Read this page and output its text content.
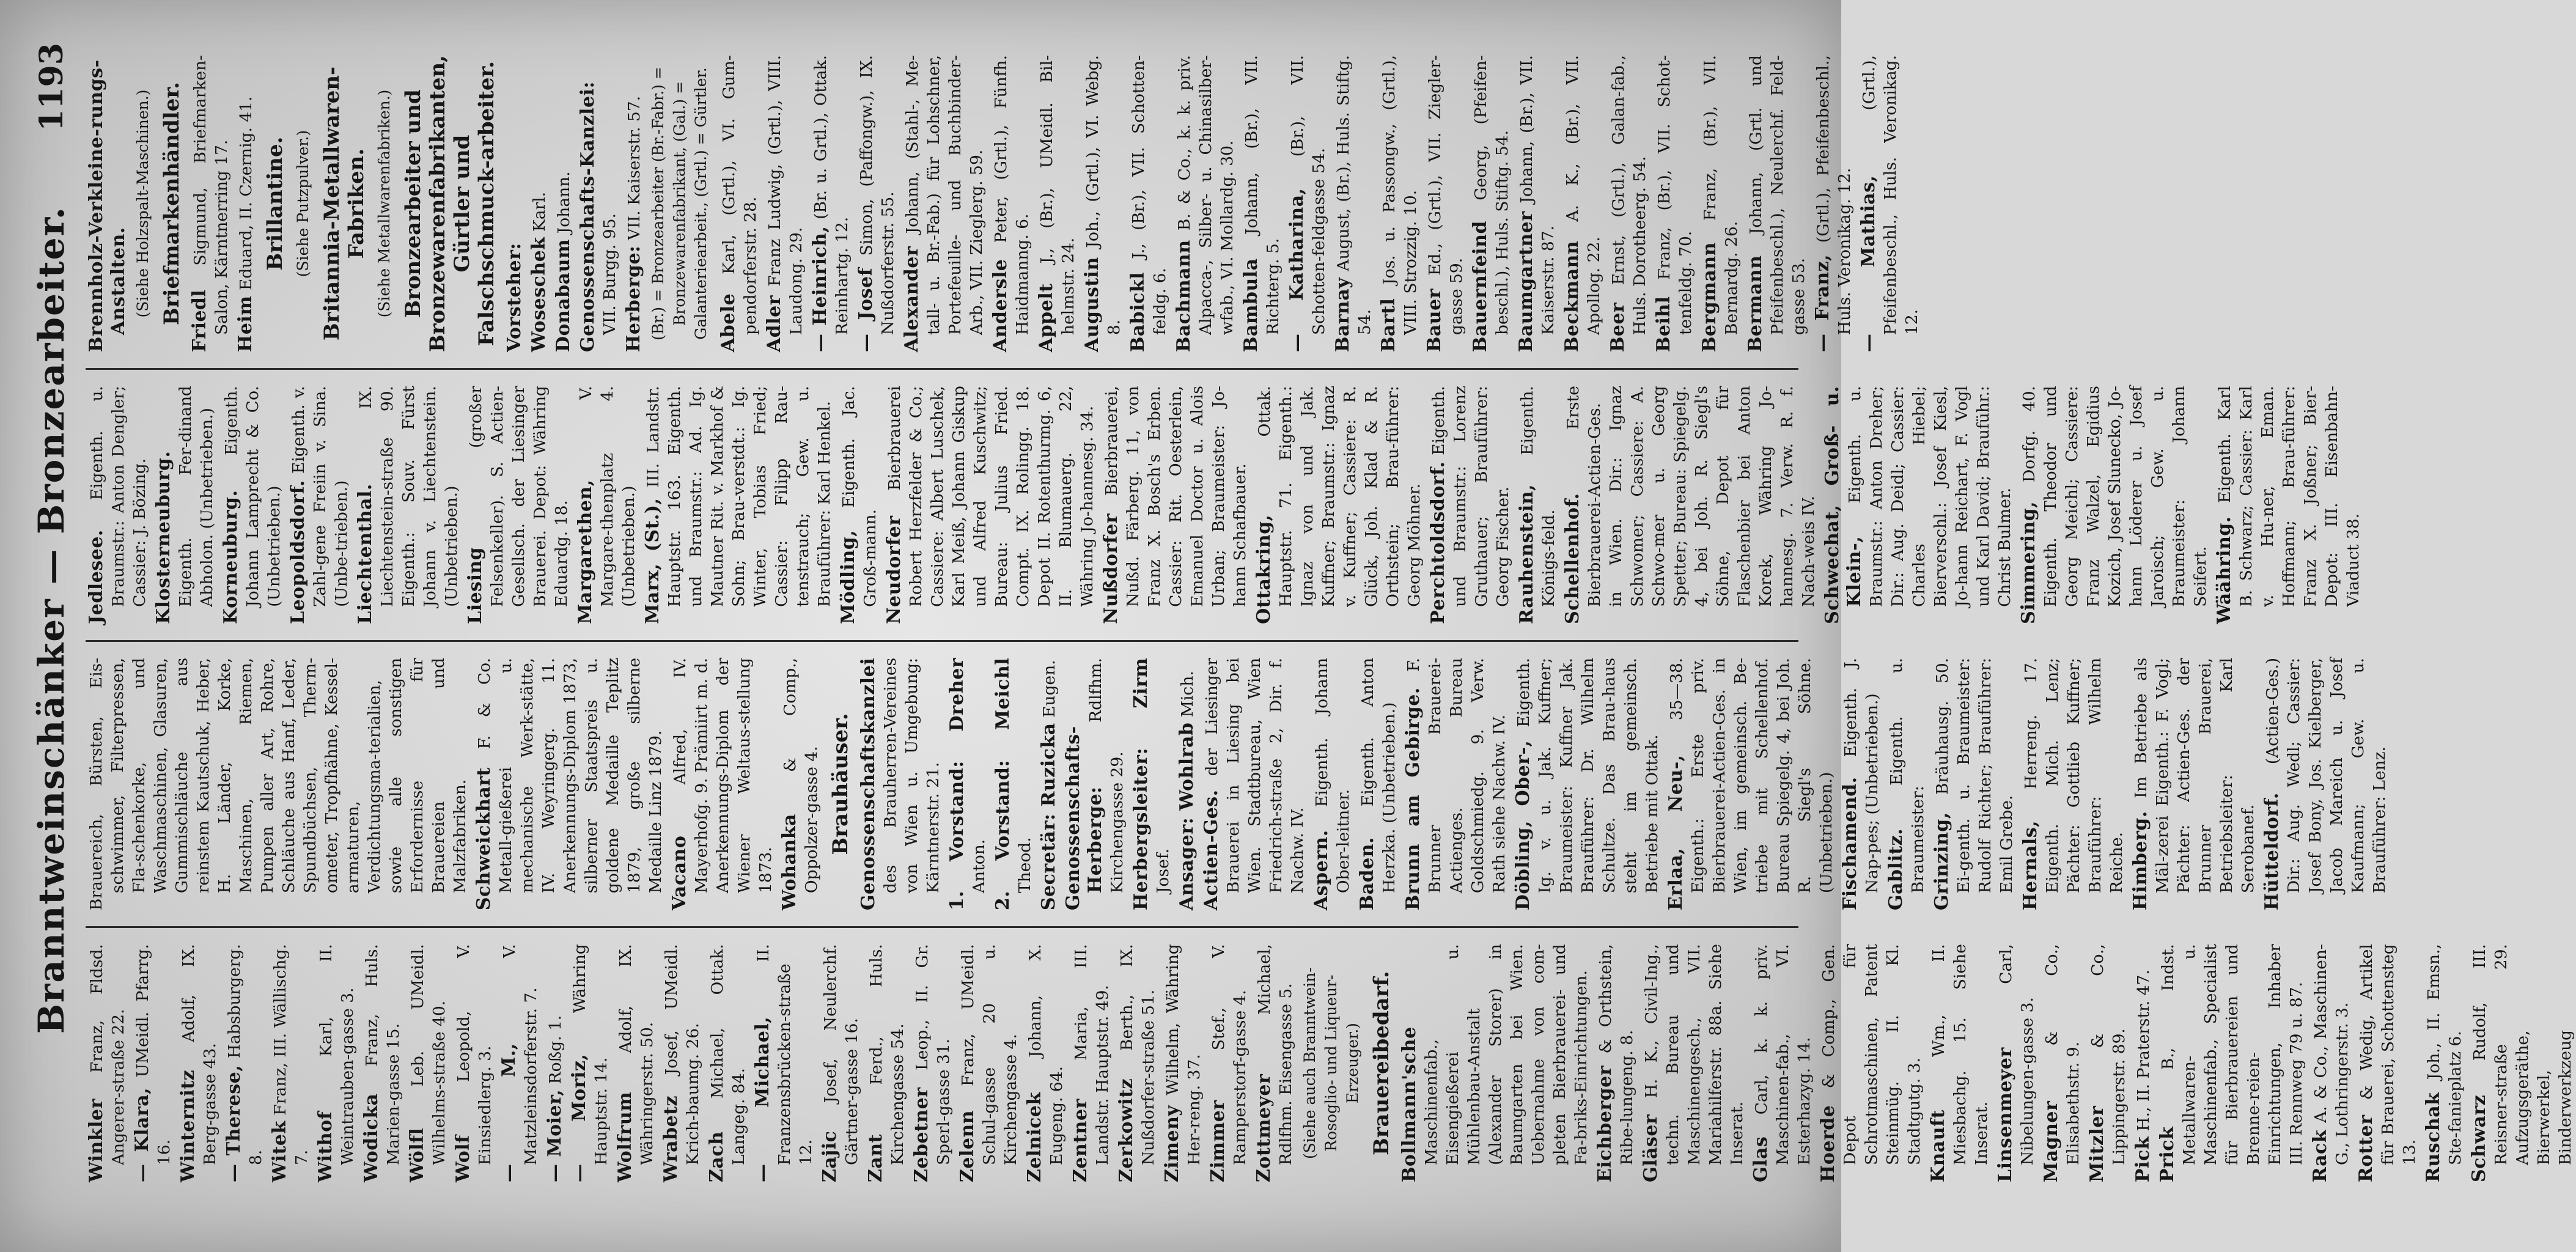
Branntweinschänker — Bronzearbeiter.
1193
Winkler Franz, Fldsd. Angerer-straße 22. — Klara, UMeidl. Pfarrg. 16. Winternitz Adolf, IX. Berg-gasse 43. — Therese, Habsburgerg. 8. Witek Franz, III. Wällischg. 7. Withof Karl, II. Weintrauben-gasse 3. Wodicka Franz, Huls. Marien-gasse 15. Wölfl Leb. UMeidl. Wilhelms-straße 40. Wolf Leopold, V. Einsiedlerg. 3. — M., V. Matzleinsdorferstr. 7. — Moier, Roßg. 1.
— Moriz, Währing Hauptstr. 14. Wolfrum Adolf, IX. Währingerstr. 50. Wrabetz Josef, UMeidl. Krich-baumg. 26. Zach Michael, Ottak. Langeg. 84. — Michael, II. Franzensbrücken-straße 12. Zajic Josef, Neulerchf. Gärtner-gasse 16. Zant Ferd., Huls. Kirchengasse 54. Zebetner Leop., II. Gr. Sperl-gasse 31. Zelenn Franz, UMeidl. Schul-gasse 20 u. Kirchengasse 4. Zelnicek Johann, X. Eugeng. 64. Zentner Maria, III. Landstr. Hauptstr. 49. Zerkowitz Berth., IX. Nußdorfer-straße 51. Zimeny Wilhelm, Währing Her-reng. 37. Zimmer Stef., V. Ramperstorf-gasse 4. Zottmeyer Michael, Rdlfhm. Eisengasse 5. (Siehe auch Branntwein-Rosoglio- und Liqueur-Erzeuger.) Brauereibedarf. Bollmann'sche Maschinenfab., Eisengießerei u. Mühlenbau-Anstalt (Alexander Storer) in Baumgarten bei Wien. Uebernahme von com-pleten Bierbrauerei- und Fa-briks-Einrichtungen. Eichberger & Orthstein, Ribe-lungeng. 8. Gläser H. K., Civil-Ing., techn. Bureau und Maschinengesch., VII. Mariahilferstr. 88a. Siehe Inserat. Glas Carl, k. k. priv. Maschinen-fab., VI. Esterhazyg. 14. Hoerde & Comp., Gen. Depot für Schrotmaschinen, Patent Steinmüg. II. Kl. Stadtgutg. 3. Knauft Wm., II. Miesbachg. 15. Siehe Inserat. Linsenmeyer Carl, Nibelungen-gasse 3. Magner & Co., Elisabethstr. 9. Mitzler & Co., Lippingerstr. 89. Pick H., II. Praterstr. 47.
Prick B., Indst. Metallwaren- u. Maschinenfab., Specialist für Bierbrauereien und Brenne-reien-Einrichtungen, Inhaber III. Rennweg 79 u. 87. Rack A. & Co., Maschinen-G., Lothringerstr. 3. Rotter & Wedig, Artikel für Brauerei, Schottensteg 13. Ruschak Joh., II. Emsn., Ste-fanieplatz 6. Schwarz Rudolf, III. Reisner-straße 29. Aufzugsgeräthe, Bierwerkel, Binderwerkzeug
Brauereich, Bürsten, Eis-schwimmer, Filterpressen, Fla-schenkorke, und Waschmaschinen, Glasuren, Gummischläuche aus reinstem Kautschuk, Heber, H. Länder, Korke, Maschinen, Riemen, Pumpen aller Art, Rohre, Schläuche aus Hanf, Leder, Spundbüchsen, Therm-ometer, Tropfhähne, Kessel-armaturen, Verdichtungsma-terialien, sowie alle sonstigen Erfordernisse für Brauereien und Malzfabriken. Schweickhart F. & Co. Metall-gießerei u. mechanische Werk-stätte, IV. Weyringerg. 11. Anerkennungs-Diplom 1873, silberner Staatspreis u. goldene Medaille Teplitz 1879, große silberne Medaille Linz 1879. Vacano Alfred, IV. Mayerhofg. 9. Prämiirt m. d. Anerkennungs-Diplom der Wiener Weltaus-stellung 1873. Wohanka & Comp., Oppolzer-gasse 4. Brauhäuser. Genossenschaftskanzlei des Brauherren-Vereines von Wien u. Umgebung: Kärntnerstr. 21. 1. Vorstand: Dreher Anton. 2. Vorstand: Meichl Theod. Secretär: Ruzicka Eugen.
Genossenschafts-Herberge: Rdlfhm. Kirchengasse 29. Herbergsleiter: Zirm Josef. Ansager: Wohlrab Mich.
Actien-Ges. der Liesinger Brauerei in Liesing bei Wien. Stadtbureau, Wien Friedrich-straße 2, Dir. f. Nachw. IV. Aspern. Eigenth. Johann Ober-leitner. Baden. Eigenth. Anton Herzka. (Unbetrieben.) Brunn am Gebirge. F. Brunner Brauerei-Actienges. Bureau Goldschmiedg. 9. Verw. Rath siehe Nachw. IV. Döbling, Ober-, Eigenth. Ig. v. u. Jak. Kuffner; Braumeister: Kuffner Jak. Brauführer: Dr. Wilhelm Schultze. Das Brau-haus steht im gemeinsch. Betriebe mit Ottak. Erlaa, Neu-, 35—38. Eigenth.: Erste priv. Bierbrauerei-Actien-Ges. in Wien, im gemeinsch. Be-triebe mit Schellenhof. Bureau Spiegelg. 4, bei Joh. R. Siegl's Söhne. (Unbetrieben.) Fischamend. Eigenth. J. Nap-pes; (Unbetrieben.) Gablitz. Eigenth. u. Braumeister: Grinzing, Bräuhausg. 50. Ei-genth. u. Braumeister: Rudolf Richter; Brauführer: Emil Grebe. Hernals, Herreng. 17. Eigenth. Mich. Lenz; Pächter: Gottlieb Kuffner; Brauführer: Wilhelm Reiche. Himberg. Im Betriebe als Mäl-zerei Eigenth.: F. Vogl; Pächter: Actien-Ges. der Brunner Brauerei, Betriebsleiter: Karl Serobanef. Hütteldorf. (Actien-Ges.) Dir.: Aug. Wedl; Cassier: Josef Bony, Jos. Kielberger, Jacob Mareich u. Josef Kaufmann; Gew. u. Brauführer: Lenz.
Jedlesee. Eigenth. u. Braumstr.: Anton Dengler; Cassier: J. Bözing. Klosterneuburg. Eigenth. Fer-dinand Abholon. (Unbetrieben.) Korneuburg. Eigenth. Johann Lamprecht & Co. (Unbetrieben.) Leopoldsdorf. Eigenth. v. Zahl-gene Freiin v. Sina. (Unbe-trieben.) Liechtenthal. IX. Liechtenstein-straße 90. Eigenth.: Souv. Fürst Johann v. Liechtenstein. (Unbetrieben.) Liesing (großer Felsenkeller). S. Actien-Gesellsch. der Liesinger Brauerei. Depot: Währing Eduardg. 18. Margarethen, V. Margare-thenplatz 4. (Unbetrieben.) Marx, (St.), III. Landstr. Hauptstr. 163. Eigenth. und Braumstr.: Ad. Ig. Mautner Rit. v. Markhof & Sohn; Brau-verstdt.: Ig. Winter, Tobias Fried; Cassier: Filipp Rau-tenstrauch; Gew. u. Brauführer: Karl Henkel. Mödling, Eigenth. Jac. Groß-mann. Neudorfer Bierbrauerei Robert Herzfelder & Co.; Cassiere: Albert Luschek, Karl Meiß, Johann Giskup und Alfred Kuschwitz; Bureau: Julius Fried. Compt. IX. Rolingg. 18. Depot II. Rotenthurmg. 6, II. Blumauerg. 22, Währing Jo-hannesg. 34. Nußdorfer Bierbrauerei, Nußd. Färberg. 11, von Franz X. Bosch's Erben. Cassier: Rit. Oesterlein, Emanuel Doctor u. Alois Urban; Braumeister: Jo-hann Schafbauer. Ottakring, Ottak. Hauptstr. 71. Eigenth.: Ignaz von und Jak. Kuffner; Braumstr.: Ignaz v. Kuffner; Cassiere: R. Glück, Joh. Klad & R. Orthstein; Brau-führer: Georg Möhner. Perchtoldsdorf. Eigenth. und Braumstr.: Lorenz Gruthauer; Brauführer: Georg Fischer. Rauhenstein, Eigenth. Königs-feld. Schellenhof. Erste Bierbrauerei-Actien-Ges. in Wien. Dir.: Ignaz Schwomer; Cassiere: A. Schwo-mer u. Georg Spetter; Bureau: Spiegelg. 4, bei Joh. R. Siegl's Söhne, Depot für Flaschenbier bei Anton Korek, Währing Jo-hannesg. 7. Verw. R. f. Nach-weis IV. Schwechat, Groß- u. Klein-, Eigenth. u. Braumstr.: Anton Dreher; Dir.: Aug. Deidl; Cassier: Charles Hiebel; Bierverschl.: Josef Kiesl, Jo-hann Reichart, F. Vogl und Karl David; Brauführ.: Christ Bulmer. Simmering, Dorfg. 40. Eigenth. Theodor und Georg Meichl; Cassiere: Franz Walzel, Egidius Kozich, Josef Slunecko, Jo-hann Löderer u. Josef Jaroisch; Gew. u. Braumeister: Johann Seifert. Wäähring. Eigenth. Karl B. Schwarz; Cassier: Karl v. Hu-ner, Eman. Hoffmann; Brau-führer: Franz X. Joßner; Bier-Depot: III. Eisenbahn-Viaduct 38.
Brennholz-Verkleine-rungs-Anstalten. (Siehe Holzspalt-Maschinen.) Briefmarkenhändler. Friedl Sigmund, Briefmarken-Salon, Kärntnerring 17. Heim Eduard, II. Czernig. 41. Brillantine. (Siehe Putzpulver.) Britannia-Metallwaren-Fabriken. (Siehe Metallwarenfabriken.) Bronzearbeiter und Bronzewarenfabrikanten, Gürtler und Falschschmuck-arbeiter. Vorsteher: Woseschek Karl.
Donabaum Johann. Genossenschafts-Kanzlei: VII. Burgg. 95. Herberge: VII. Kaiserstr. 57. (Br.) = Bronzearbeiter (Br.-Fabr.) = Bronzewarenfabrikant, (Gal.) = Galanteriearbeit., (Grtl.) = Gürtler. Abele Karl, (Grtl.), VI. Gum-pendorferstr. 28. Adler Franz Ludwig, (Grtl.), VIII. Laudong. 29. — Heinrich, (Br. u. Grtl.), Ottak. Reinhartg. 12. — Josef Simon, (Paffongw.), IX. Nußdorferstr. 55. Alexander Johann, (Stahl-, Me-tall- u. Br.-Fab.) für Lohschner, Portefeuille- und Buchbinder-Arb., VII. Zieglerg. 59. Andersle Peter, (Grtl.), Fünfh. Haidmanng. 6. Appelt J., (Br.), UMeidl. Bil-helmstr. 24. Augustin Joh., (Grtl.), VI. Webg. 8. Babickl J., (Br.), VII. Schotten-feldg. 6. Bachmann B. & Co., k. k. priv. Alpacca-, Silber- u. Chinasilber-wfab., VI. Mollardg. 30. Bambula Johann, (Br.), VII. Richterg. 5. — Katharina, (Br.), VII. Schotten-feldgasse 54. Barnay August, (Br.), Huls. Stiftg. 54. Bartl Jos. u. Passongw., (Grtl.), VIII. Strozzig. 10. Bauer Ed., (Grtl.), VII. Ziegler-gasse 59. Bauernfeind Georg, (Pfeifen-beschl.), Huls. Stiftg. 54. Baumgartner Johann, (Br.), VII. Kaiserstr. 87. Beckmann A. K., (Br.), VII. Apollog. 22. Beer Ernst, (Grtl.), Galan-fab., Huls. Dorotheerg. 54. Beihl Franz, (Br.), VII. Schot-tenfeldg. 70. Bergmann Franz, (Br.), VII. Bernardg. 26. Bermann Johann, (Grtl. und Pfeifenbeschl.), Neulerchf. Feld-gasse 53. — Franz, (Grtl.), Pfeifenbeschl., Huls. Veronikag. 12. — Mathias, (Grtl.), Pfeifenbeschl., Huls. Veronikag. 12.
